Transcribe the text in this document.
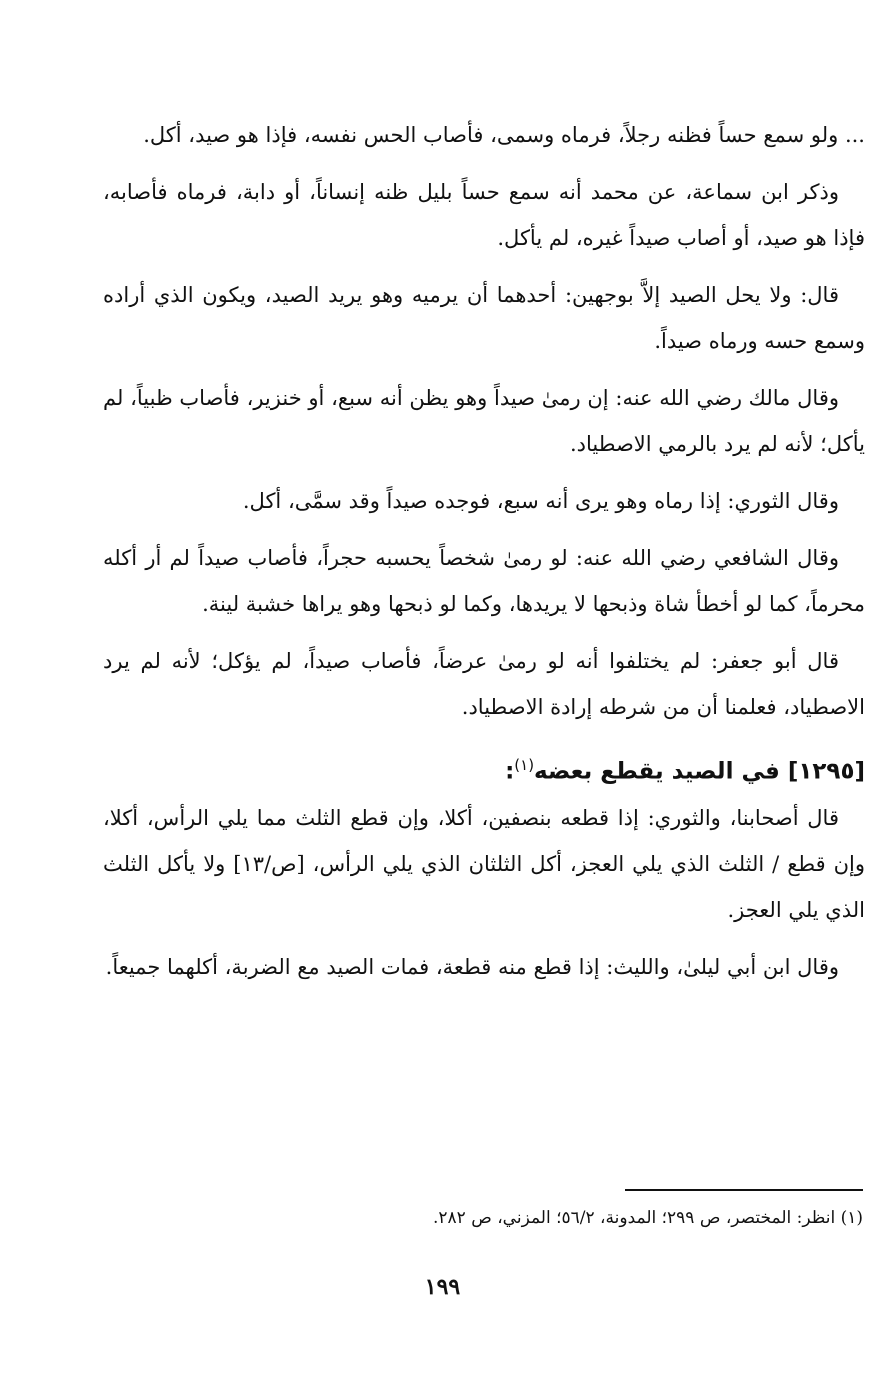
... ولو سمع حساً فظنه رجلاً، فرماه وسمى، فأصاب الحس نفسه، فإذا هو صيد، أكل.

وذكر ابن سماعة، عن محمد أنه سمع حساً بليل ظنه إنساناً، أو دابة، فرماه فأصابه، فإذا هو صيد، أو أصاب صيداً غيره، لم يأكل.

قال: ولا يحل الصيد إلاَّ بوجهين: أحدهما أن يرميه وهو يريد الصيد، ويكون الذي أراده وسمع حسه ورماه صيداً.

وقال مالك رضي الله عنه: إن رمىٰ صيداً وهو يظن أنه سبع، أو خنزير، فأصاب ظبياً، لم يأكل؛ لأنه لم يرد بالرمي الاصطياد.

وقال الثوري: إذا رماه وهو يرى أنه سبع، فوجده صيداً وقد سمَّى، أكل.

وقال الشافعي رضي الله عنه: لو رمىٰ شخصاً يحسبه حجراً، فأصاب صيداً لم أر أكله محرماً، كما لو أخطأ شاة وذبحها لا يريدها، وكما لو ذبحها وهو يراها خشبة لينة.

قال أبو جعفر: لم يختلفوا أنه لو رمىٰ عرضاً، فأصاب صيداً، لم يؤكل؛ لأنه لم يرد الاصطياد، فعلمنا أن من شرطه إرادة الاصطياد.

[١٢٩٥] في الصيد يقطع بعضه$^{(١)}$:

قال أصحابنا، والثوري: إذا قطعه بنصفين، أكلا، وإن قطع الثلث مما يلي الرأس، أكلا، وإن قطع / الثلث الذي يلي العجز، أكل الثلثان الذي يلي الرأس، [ص/١٣] ولا يأكل الثلث الذي يلي العجز.

وقال ابن أبي ليلىٰ، والليث: إذا قطع منه قطعة، فمات الصيد مع الضربة، أكلهما جميعاً.

(١) انظر: المختصر، ص ٢٩٩؛ المدونة، ٥٦/٢؛ المزني، ص ٢٨٢.
١٩٩
